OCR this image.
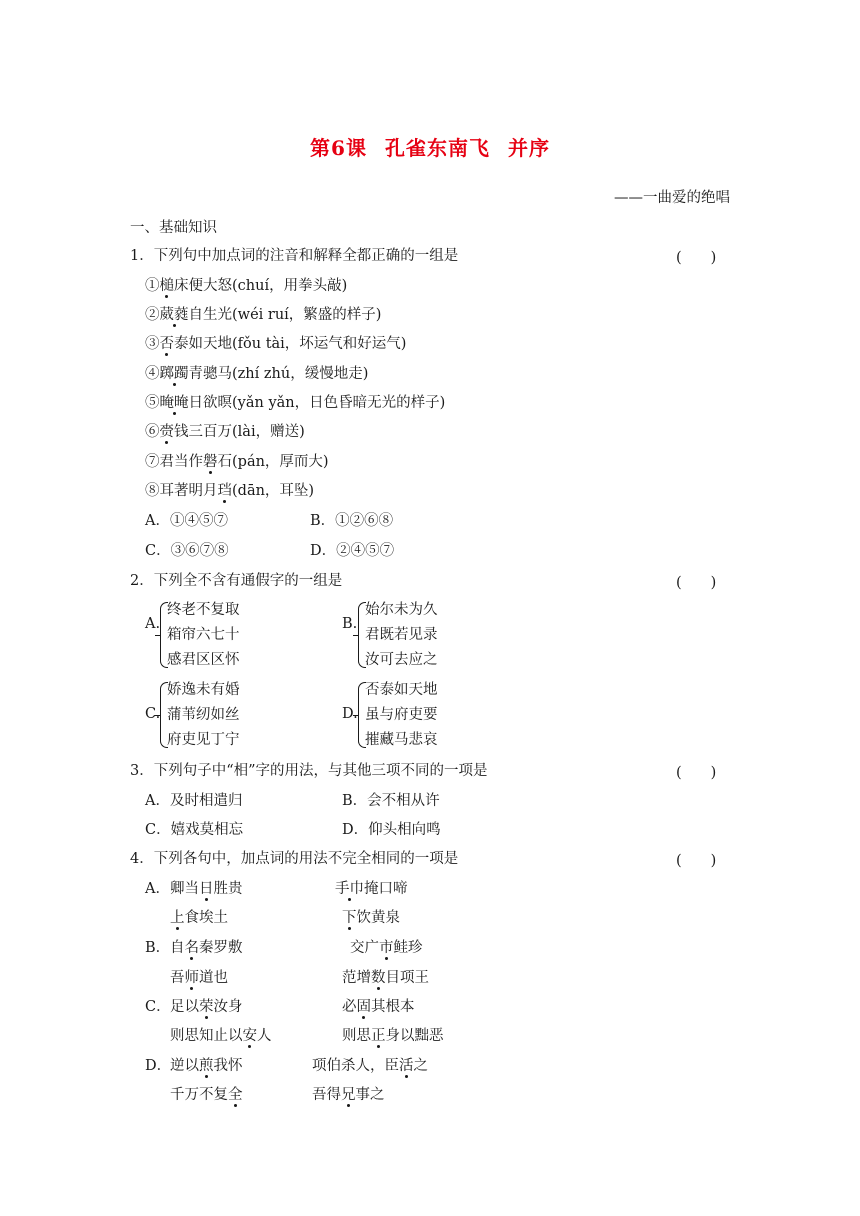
第6课 孔雀东南飞 并序
——一曲爱的绝唱
一、基础知识
1．下列句中加点词的注音和解释全都正确的一组是	(　　)
①槌床便大怒(chuí，用拳头敲)
②葳蕤自生光(wéi ruí，繁盛的样子)
③否泰如天地(fǒu tài，坏运气和好运气)
④踯躅青骢马(zhí zhú，缓慢地走)
⑤晻晻日欲暝(yǎn yǎn，日色昏暗无光的样子)
⑥赍钱三百万(lài，赠送)
⑦君当作磐石(pán，厚而大)
⑧耳著明月珰(dān，耳坠)
A．①④⑤⑦	B．①②⑥⑧
C．③⑥⑦⑧	D．②④⑤⑦
2．下列全不含有通假字的一组是	(　　)
A.
终老不复取
箱帘六七十
感君区区怀
B.
始尔未为久
君既若见录
汝可去应之
C.
娇逸未有婚
蒲苇纫如丝
府吏见丁宁
D.
否泰如天地
虽与府吏要
摧藏马悲哀
3．下列句子中“相”字的用法，与其他三项不同的一项是	(　　)
A．及时相遣归	B．会不相从许
C．嬉戏莫相忘	D．仰头相向鸣
4．下列各句中，加点词的用法不完全相同的一项是	(　　)
A． 卿当日胜贵	手巾掩口啼
上食埃土	下饮黄泉
B． 自名秦罗敷	交广市鲑珍
吾师道也	范增数目项王
C． 足以荣汝身	必固其根本
则思知止以安人	则思正身以黜恶
D．
逆以煎我怀	项伯杀人，臣活之
千万不复全	吾得兄事之
